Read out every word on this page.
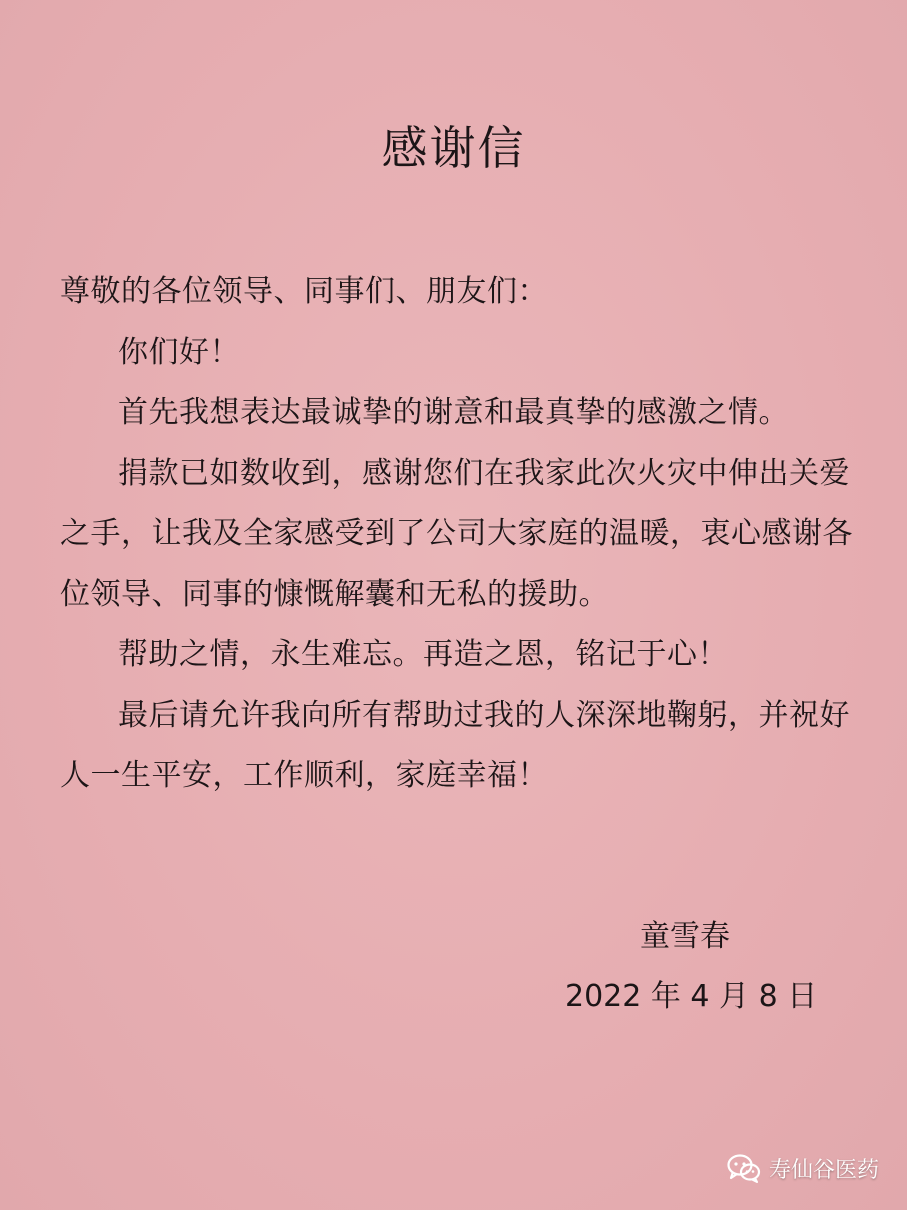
感谢信
尊敬的各位领导、同事们、朋友们：
你们好！
首先我想表达最诚挚的谢意和最真挚的感激之情。
捐款已如数收到，感谢您们在我家此次火灾中伸出关爱
之手，让我及全家感受到了公司大家庭的温暖，衷心感谢各
位领导、同事的慷慨解囊和无私的援助。
帮助之情，永生难忘。再造之恩，铭记于心！
最后请允许我向所有帮助过我的人深深地鞠躬，并祝好
人一生平安，工作顺利，家庭幸福！
童雪春
2022 年 4 月 8 日
寿仙谷医药
